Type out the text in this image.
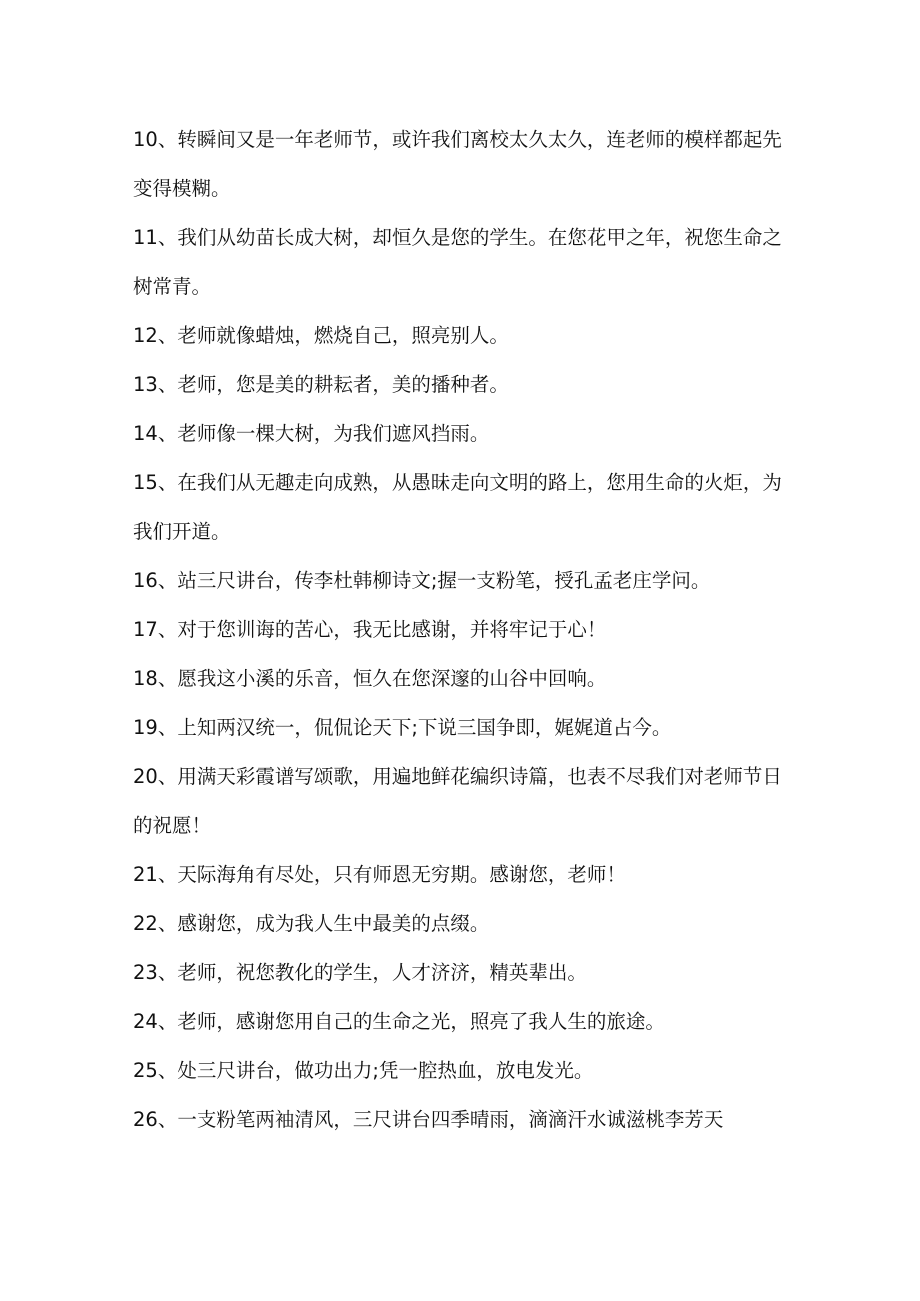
10、转瞬间又是一年老师节，或许我们离校太久太久，连老师的模样都起先变得模糊。

11、我们从幼苗长成大树，却恒久是您的学生。在您花甲之年，祝您生命之树常青。

12、老师就像蜡烛，燃烧自己，照亮别人。

13、老师，您是美的耕耘者，美的播种者。

14、老师像一棵大树，为我们遮风挡雨。

15、在我们从无趣走向成熟，从愚昧走向文明的路上，您用生命的火炬，为我们开道。

16、站三尺讲台，传李杜韩柳诗文;握一支粉笔，授孔孟老庄学问。

17、对于您训诲的苦心，我无比感谢，并将牢记于心！

18、愿我这小溪的乐音，恒久在您深邃的山谷中回响。

19、上知两汉统一，侃侃论天下;下说三国争即，娓娓道占今。

20、用满天彩霞谱写颂歌，用遍地鲜花编织诗篇，也表不尽我们对老师节日的祝愿！

21、天际海角有尽处，只有师恩无穷期。感谢您，老师！

22、感谢您，成为我人生中最美的点缀。

23、老师，祝您教化的学生，人才济济，精英辈出。

24、老师，感谢您用自己的生命之光，照亮了我人生的旅途。

25、处三尺讲台，做功出力;凭一腔热血，放电发光。

26、一支粉笔两袖清风，三尺讲台四季晴雨，滴滴汗水诚滋桃李芳天
